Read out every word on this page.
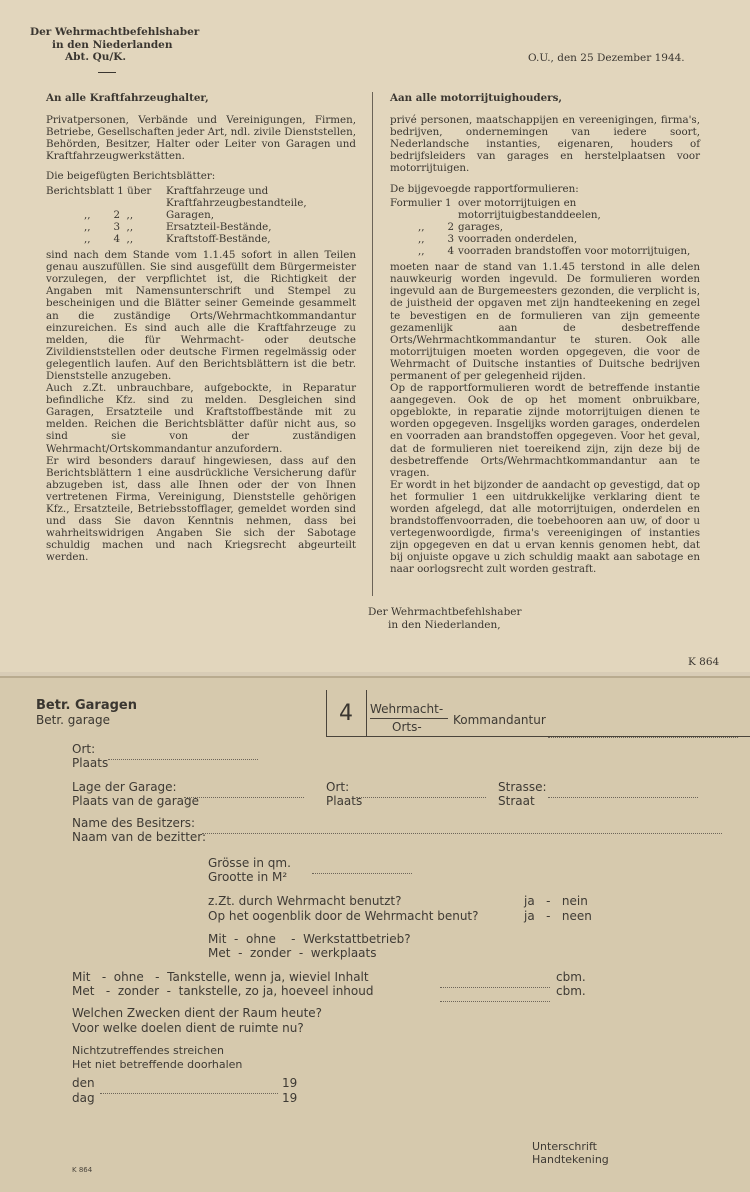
Der Wehrmachtbefehlshaber
in den Niederlanden
Abt. Qu/K.	O.U., den 25 Dezember 1944.

An alle Kraftfahrzeughalter,

Privatpersonen, Verbände und Vereinigungen, Firmen, Betriebe, Gesellschaften jeder Art, ndl. zivile Dienststellen, Behörden, Besitzer, Halter oder Leiter von Garagen und Kraftfahrzeugwerkstätten.

Die beigefügten Berichtsblätter:

Berichtsblatt 1 über	Kraftfahrzeuge und Kraftfahrzeugbestandteile,
,,       2  ,,	Garagen,
,,       3  ,,	Ersatzteil-Bestände,
,,       4  ,,	Kraftstoff-Bestände,

sind nach dem Stande vom 1.1.45 sofort in allen Teilen genau auszufüllen. Sie sind ausgefüllt dem Bürgermeister vorzulegen, der verpflichtet ist, die Richtigkeit der Angaben mit Namensunterschrift und Stempel zu bescheinigen und die Blätter seiner Gemeinde gesammelt an die zuständige Orts/Wehrmachtkommandantur einzureichen. Es sind auch alle die Kraftfahrzeuge zu melden, die für Wehrmacht- oder deutsche Zivildienststellen oder deutsche Firmen regelmässig oder gelegentlich laufen. Auf den Berichtsblättern ist die betr. Dienststelle anzugeben.

Auch z.Zt. unbrauchbare, aufgebockte, in Reparatur befindliche Kfz. sind zu melden. Desgleichen sind Garagen, Ersatzteile und Kraftstoffbestände mit zu melden. Reichen die Berichtsblätter dafür nicht aus, so sind sie von der zuständigen Wehrmacht/Ortskommandantur anzufordern.

Er wird besonders darauf hingewiesen, dass auf den Berichtsblättern 1 eine ausdrückliche Versicherung dafür abzugeben ist, dass alle Ihnen oder der von Ihnen vertretenen Firma, Vereinigung, Dienststelle gehörigen Kfz., Ersatzteile, Betriebsstofflager, gemeldet worden sind und dass Sie davon Kenntnis nehmen, dass bei wahrheitswidrigen Angaben Sie sich der Sabotage schuldig machen und nach Kriegsrecht abgeurteilt werden.

Aan alle motorrijtuighouders,

privé personen, maatschappijen en vereenigingen, firma's, bedrijven, ondernemingen van iedere soort, Nederlandsche instanties, eigenaren, houders of bedrijfsleiders van garages en herstelplaatsen voor motorrijtuigen.

De bijgevoegde rapportformulieren:

Formulier 1 over motorrijtuigen en motorrijtuigbestanddeelen,
,,       2 garages,
,,       3 voorraden onderdelen,
,,       4 voorraden brandstoffen voor motorrijtuigen,

moeten naar de stand van 1.1.45 terstond in alle delen nauwkeurig worden ingevuld. De formulieren worden ingevuld aan de Burgemeesters gezonden, die verplicht is, de juistheid der opgaven met zijn handteekening en zegel te bevestigen en de formulieren van zijn gemeente gezamenlijk aan de desbetreffende Orts/Wehrmachtkommandantur te sturen. Ook alle motorrijtuigen moeten worden opgegeven, die voor de Wehrmacht of Duitsche instanties of Duitsche bedrijven permanent of per gelegenheid rijden.

Op de rapportformulieren wordt de betreffende instantie aangegeven. Ook de op het moment onbruikbare, opgeblokte, in reparatie zijnde motorrijtuigen dienen te worden opgegeven. Insgelijks worden garages, onderdelen en voorraden aan brandstoffen opgegeven. Voor het geval, dat de formulieren niet toereikend zijn, zijn deze bij de desbetreffende Orts/Wehrmachtkommandantur aan te vragen.

Er wordt in het bijzonder de aandacht op gevestigd, dat op het formulier 1 een uitdrukkelijke verklaring dient te worden afgelegd, dat alle motorrijtuigen, onderdelen en brandstoffenvoorraden, die toebehooren aan uw, of door u vertegenwoordigde, firma's vereenigingen of instanties zijn opgegeven en dat u ervan kennis genomen hebt, dat bij onjuiste opgave u zich schuldig maakt aan sabotage en naar oorlogsrecht zult worden gestraft.

Der Wehrmachtbefehlshaber
in den Niederlanden,
K 864
Betr. Garagen
Betr. garage	4	Wehrmacht-
Orts-	Kommandantur
Ort:
Plaats
Lage der Garage:
Plaats van de garage
Ort:
Plaats
Strasse:
Straat
Name des Besitzers:
Naam van de bezitter:
Grösse in qm.
Grootte in M²
z.Zt. durch Wehrmacht benutzt?	ja   -   nein
Op het oogenblik door de Wehrmacht benut?	ja   -   neen
Mit  -  ohne    -  Werkstattbetrieb?
Met  -  zonder  -  werkplaats
Mit   -  ohne   -  Tankstelle, wenn ja, wieviel Inhalt	cbm.
Met   -  zonder  -  tankstelle, zo ja, hoeveel inhoud	cbm.
Welchen Zwecken dient der Raum heute?
Voor welke doelen dient de ruimte nu?
Nichtzutreffendes streichen
Het niet betreffende doorhalen
den	19
dag	19
Unterschrift
Handtekening
K 864
